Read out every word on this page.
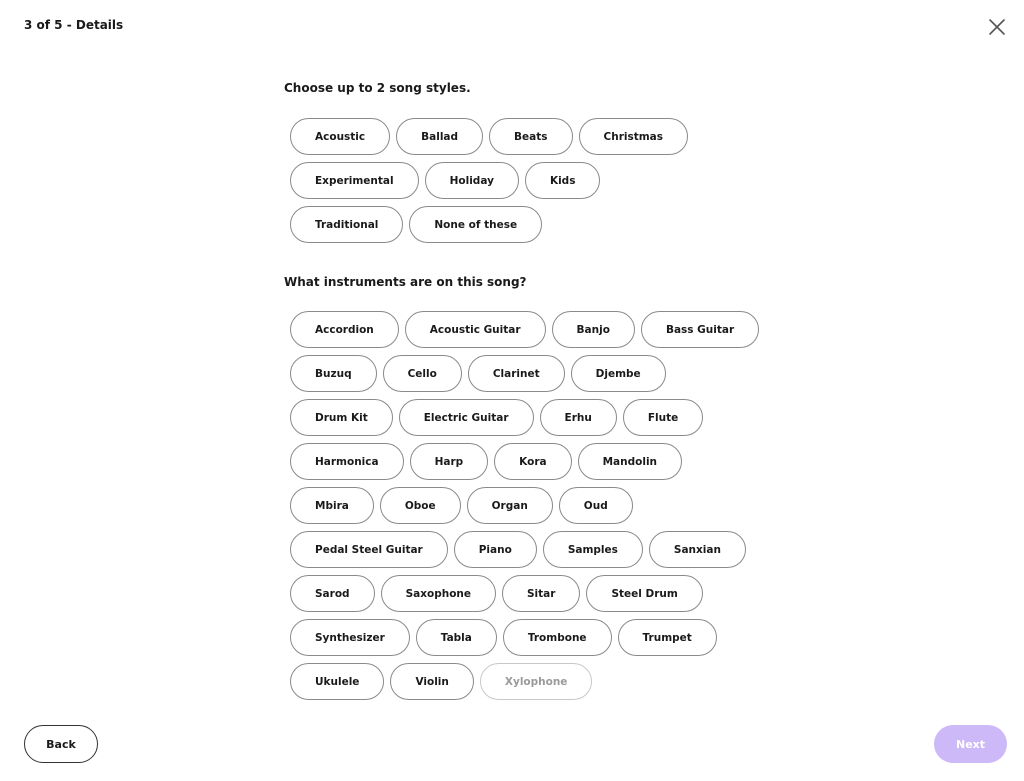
3 of 5 - Details

Choose up to 2 song styles.

Acoustic	Ballad	Beats	Christmas
Experimental	Holiday	Kids
Traditional	None of these

What instruments are on this song?

Accordion	Acoustic Guitar	Banjo	Bass Guitar
Buzuq	Cello	Clarinet	Djembe
Drum Kit	Electric Guitar	Erhu	Flute
Harmonica	Harp	Kora	Mandolin
Mbira	Oboe	Organ	Oud
Pedal Steel Guitar	Piano	Samples	Sanxian
Sarod	Saxophone	Sitar	Steel Drum
Synthesizer	Tabla	Trombone	Trumpet
Ukulele	Violin	Xylophone
Back	Next
